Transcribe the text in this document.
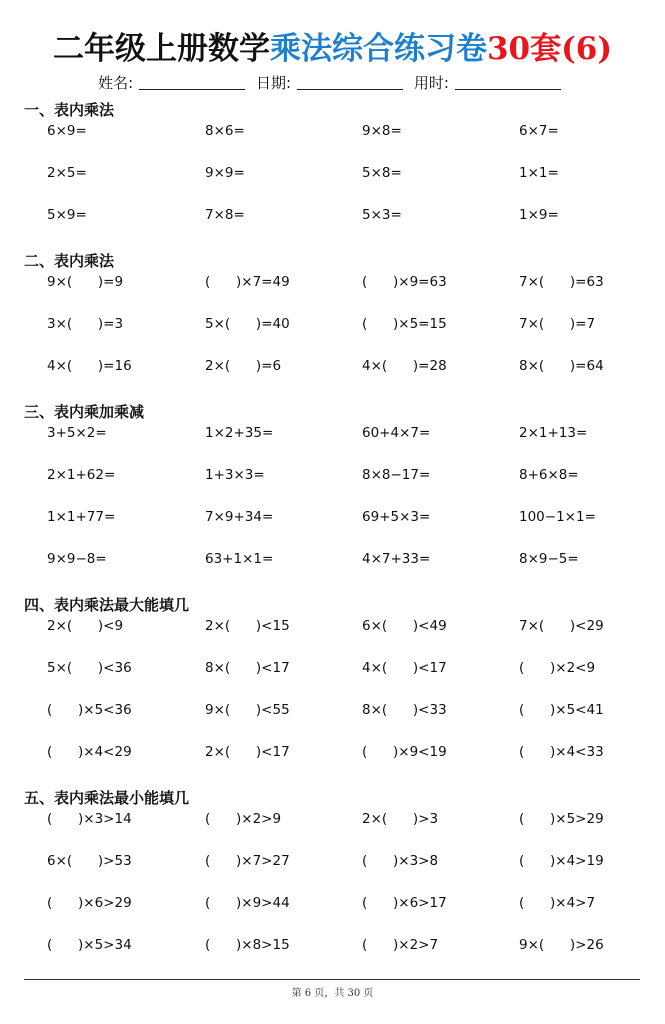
二年级上册数学乘法综合练习卷30套(6)
姓名:	日期:	用时:
一、表内乘法
6×9=	8×6=	9×8=	6×7=
2×5=	9×9=	5×8=	1×1=
5×9=	7×8=	5×3=	1×9=
二、表内乘法
9×(      )=9	(      )×7=49	(      )×9=63	7×(      )=63
3×(      )=3	5×(      )=40	(      )×5=15	7×(      )=7
4×(      )=16	2×(      )=6	4×(      )=28	8×(      )=64
三、表内乘加乘减
3+5×2=	1×2+35=	60+4×7=	2×1+13=
2×1+62=	1+3×3=	8×8−17=	8+6×8=
1×1+77=	7×9+34=	69+5×3=	100−1×1=
9×9−8=	63+1×1=	4×7+33=	8×9−5=
四、表内乘法最大能填几
2×(      )<9	2×(      )<15	6×(      )<49	7×(      )<29
5×(      )<36	8×(      )<17	4×(      )<17	(      )×2<9
(      )×5<36	9×(      )<55	8×(      )<33	(      )×5<41
(      )×4<29	2×(      )<17	(      )×9<19	(      )×4<33
五、表内乘法最小能填几
(      )×3>14	(      )×2>9	2×(      )>3	(      )×5>29
6×(      )>53	(      )×7>27	(      )×3>8	(      )×4>19
(      )×6>29	(      )×9>44	(      )×6>17	(      )×4>7
(      )×5>34	(      )×8>15	(      )×2>7	9×(      )>26
第 6 页，共 30 页
